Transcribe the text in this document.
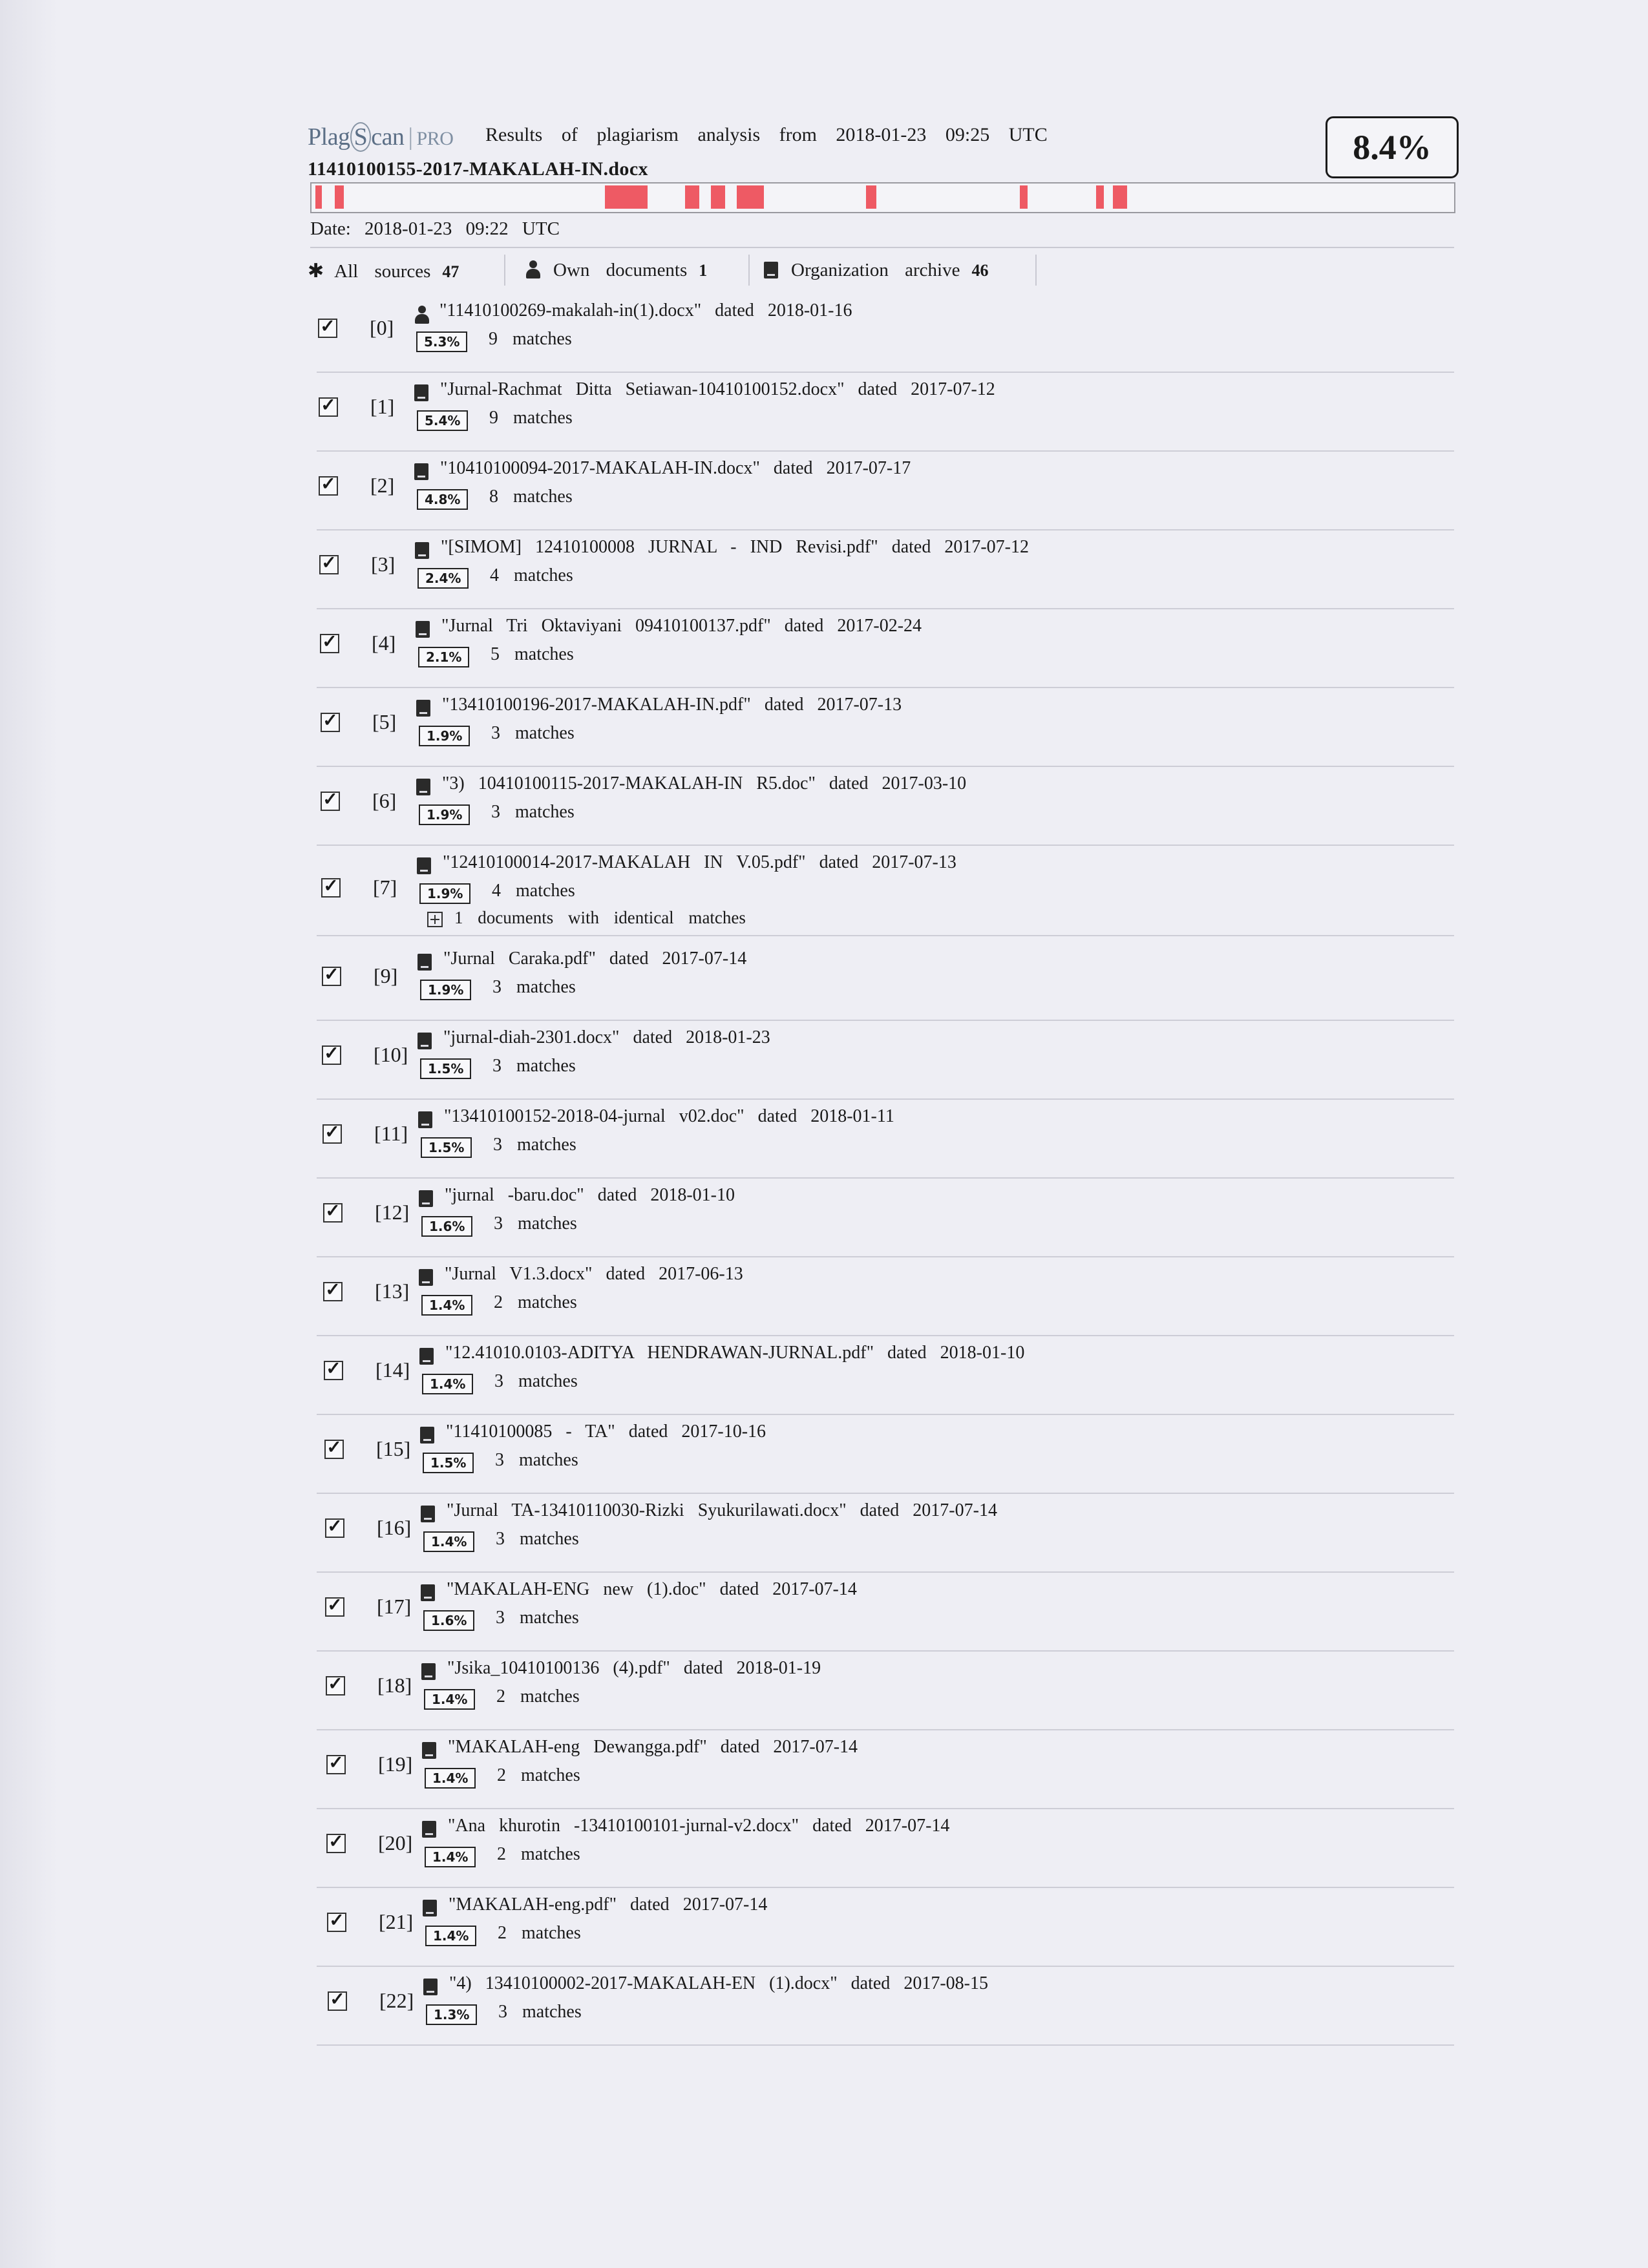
Plag S can | PRO Results of plagiarism analysis from 2018-01-23 09:25 UTC
11410100155-2017-MAKALAH-IN.docx
8.4%
Date: 2018-01-23 09:22 UTC
✱ All sources 47	Own documents 1	Organization archive 46
✓ [0]
"11410100269-makalah-in(1).docx" dated 2018-01-16
5.3%	9 matches
✓ [1]
"Jurnal-Rachmat Ditta Setiawan-10410100152.docx" dated 2017-07-12
5.4%	9 matches
✓ [2]
"10410100094-2017-MAKALAH-IN.docx" dated 2017-07-17
4.8%	8 matches
✓ [3]
"[SIMOM] 12410100008 JURNAL - IND Revisi.pdf" dated 2017-07-12
2.4%	4 matches
✓ [4]
"Jurnal Tri Oktaviyani 09410100137.pdf" dated 2017-02-24
2.1%	5 matches
✓ [5]
"13410100196-2017-MAKALAH-IN.pdf" dated 2017-07-13
1.9%	3 matches
✓ [6]
"3) 10410100115-2017-MAKALAH-IN R5.doc" dated 2017-03-10
1.9%	3 matches
✓ [7]
"12410100014-2017-MAKALAH IN V.05.pdf" dated 2017-07-13
1.9%	4 matches
1 documents with identical matches
✓ [9]
"Jurnal Caraka.pdf" dated 2017-07-14
1.9%	3 matches
✓ [10]
"jurnal-diah-2301.docx" dated 2018-01-23
1.5%	3 matches
✓ [11]
"13410100152-2018-04-jurnal v02.doc" dated 2018-01-11
1.5%	3 matches
✓ [12]
"jurnal -baru.doc" dated 2018-01-10
1.6%	3 matches
✓ [13]
"Jurnal V1.3.docx" dated 2017-06-13
1.4%	2 matches
✓ [14]
"12.41010.0103-ADITYA HENDRAWAN-JURNAL.pdf" dated 2018-01-10
1.4%	3 matches
✓ [15]
"11410100085 - TA" dated 2017-10-16
1.5%	3 matches
✓ [16]
"Jurnal TA-13410110030-Rizki Syukurilawati.docx" dated 2017-07-14
1.4%	3 matches
✓ [17]
"MAKALAH-ENG new (1).doc" dated 2017-07-14
1.6%	3 matches
✓ [18]
"Jsika_10410100136 (4).pdf" dated 2018-01-19
1.4%	2 matches
✓ [19]
"MAKALAH-eng Dewangga.pdf" dated 2017-07-14
1.4%	2 matches
✓ [20]
"Ana khurotin -13410100101-jurnal-v2.docx" dated 2017-07-14
1.4%	2 matches
✓ [21]
"MAKALAH-eng.pdf" dated 2017-07-14
1.4%	2 matches
✓ [22]
"4) 13410100002-2017-MAKALAH-EN (1).docx" dated 2017-08-15
1.3%	3 matches
